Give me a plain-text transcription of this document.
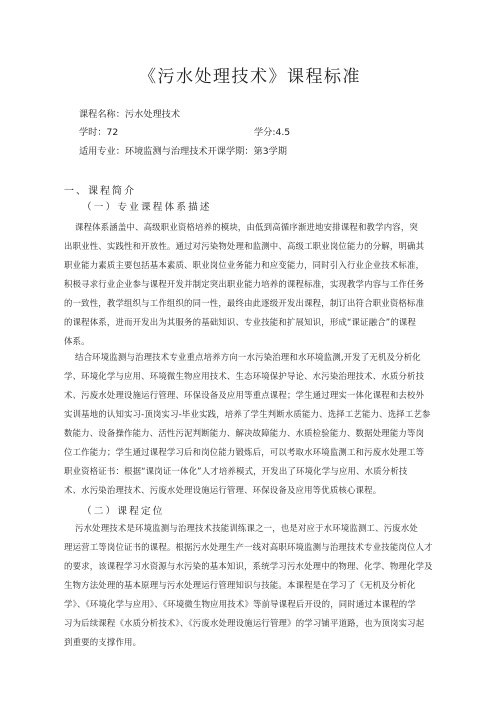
《污水处理技术》课程标准
课程名称：污水处理技术
学时：72	学分:4.5
适用专业：环境监测与治理技术开课学期：第3学期
一、课程简介
（一）专业课程体系描述
课程体系涵盖中、高级职业资格培养的模块，由低到高循序渐进地安排课程和教学内容，突
出职业性、实践性和开放性。通过对污染物处理和监测中、高级工职业岗位能力的分解，明确其
职业能力素质主要包括基本素质、职业岗位业务能力和应变能力，同时引入行业企业技术标准，
积极寻求行业企业参与课程开发并制定突出职业能力培养的课程标准，实现教学内容与工作任务
的一致性，教学组织与工作组织的同一性，最终由此逐级开发出课程，制订出符合职业资格标准
的课程体系，进而开发出为其服务的基础知识、专业技能和扩展知识，形成“课证融合”的课程
体系。
结合环境监测与治理技术专业重点培养方向一水污染治理和水环境监测,开发了无机及分析化
学、环境化学与应用、环境微生物应用技术、生态环境保护导论、水污染治理技术、水质分析技
术、污废水处理设施运行管理、环保设备及应用等重点课程；学生通过理实一体化课程和去校外
实训基地的认知实习-顶岗实习-毕业实践，培养了学生判断水质能力、选择工艺能力、选择工艺参
数能力、设备操作能力、活性污泥判断能力、解决故障能力、水质检验能力、数据处理能力等岗
位工作能力；学生通过课程学习后和岗位能力锻炼后，可以考取水环境监测工和污废水处理工等
职业资格证书：根据“课岗证一体化”人才培养模式，开发出了环境化学与应用、水质分析技
术、水污染治理技术、污废水处理设施运行管理、环保设备及应用等优质核心课程。
（二）课程定位
污水处理技术是环境监测与治理技术技能训练课之一，也是对应于水环境监测工、污废水处
理运营工等岗位证书的课程。根据污水处理生产一线对高职环境监测与治理技术专业技能岗位人才
的要求，该课程学习水资源与水污染的基本知识，系统学习污水处理中的物理、化学、物理化学及
生物方法处理的基本原理与污水处理运行管理知识与技能。本课程是在学习了《无机及分析化
学》、《环境化学与应用》、《环境微生物应用技术》等前导课程后开设的，同时通过本课程的学
习为后续课程《水质分析技术》、《污废水处理设施运行管理》的学习铺平道路，也为顶岗实习起
到重要的支撑作用。
